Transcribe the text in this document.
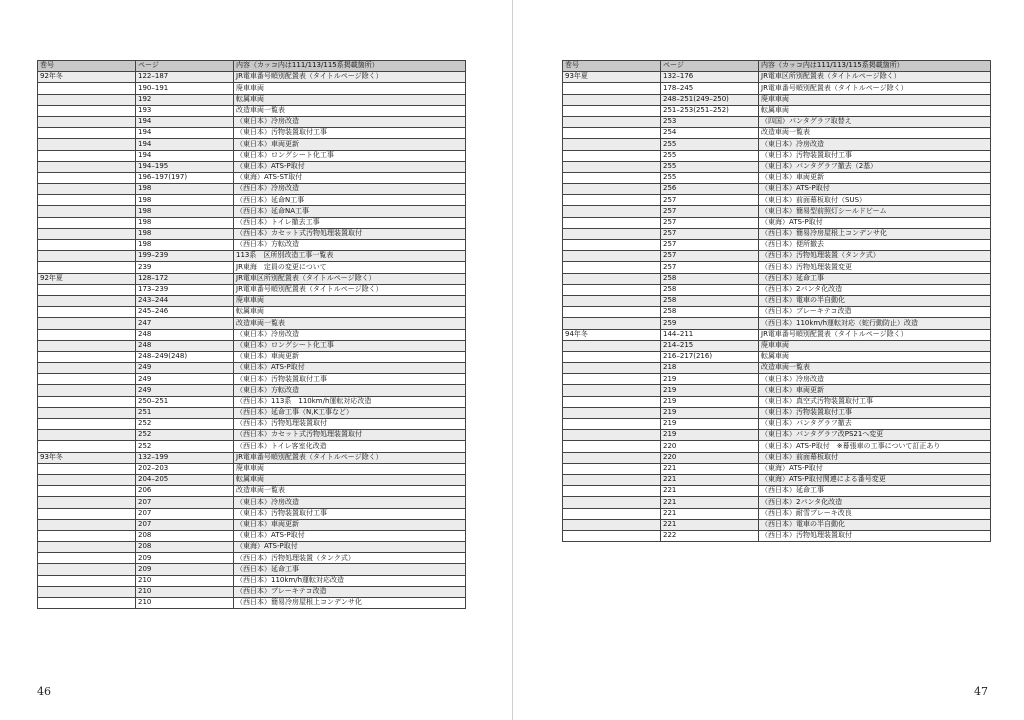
巻号	ページ	内容（カッコ内は111/113/115系掲載箇所）
92年冬	122–187	JR電車番号順別配置表（タイトルページ除く）
	190–191	廃車車両
	192	転属車両
	193	改造車両一覧表
	194	（東日本）冷房改造
	194	（東日本）汚物装置取付工事
	194	（東日本）車両更新
	194	（東日本）ロングシート化工事
	194–195	（東日本）ATS-P取付
	196–197(197)	（東海）ATS-ST取付
	198	（西日本）冷房改造
	198	（西日本）延命N工事
	198	（西日本）延命NA工事
	198	（西日本）トイレ撤去工事
	198	（西日本）カセット式汚物処理装置取付
	198	（西日本）方転改造
	199–239	113系　区所別改造工事一覧表
	239	JR東海　定員の変更について
92年夏	128–172	JR電車区所別配置表（タイトルページ除く）
	173–239	JR電車番号順別配置表（タイトルページ除く）
	243–244	廃車車両
	245–246	転属車両
	247	改造車両一覧表
	248	（東日本）冷房改造
	248	（東日本）ロングシート化工事
	248–249(248)	（東日本）車両更新
	249	（東日本）ATS-P取付
	249	（東日本）汚物装置取付工事
	249	（東日本）方転改造
	250–251	（西日本）113系　110km/h運転対応改造
	251	（西日本）延命工事（N,K工事など）
	252	（西日本）汚物処理装置取付
	252	（西日本）カセット式汚物処理装置取付
	252	（西日本）トイレ客室化改造
93年冬	132–199	JR電車番号順別配置表（タイトルページ除く）
	202–203	廃車車両
	204–205	転属車両
	206	改造車両一覧表
	207	（東日本）冷房改造
	207	（東日本）汚物装置取付工事
	207	（東日本）車両更新
	208	（東日本）ATS-P取付
	208	（東海）ATS-P取付
	209	（西日本）汚物処理装置（タンク式）
	209	（西日本）延命工事
	210	（西日本）110km/h運転対応改造
	210	（西日本）ブレーキテコ改造
	210	（西日本）簡易冷房屋根上コンデンサ化
46
巻号	ページ	内容（カッコ内は111/113/115系掲載箇所）
93年夏	132–176	JR電車区所別配置表（タイトルページ除く）
	178–245	JR電車番号順別配置表（タイトルページ除く）
	248–251(249–250)	廃車車両
	251–253(251–252)	転属車両
	253	（四国）パンタグラフ取替え
	254	改造車両一覧表
	255	（東日本）冷房改造
	255	（東日本）汚物装置取付工事
	255	（東日本）パンタグラフ撤去（2基）
	255	（東日本）車両更新
	256	（東日本）ATS-P取付
	257	（東日本）前面幕板取付（SUS）
	257	（東日本）簡易型前照灯シールドビーム
	257	（東海）ATS-P取付
	257	（西日本）簡易冷房屋根上コンデンサ化
	257	（西日本）便所撤去
	257	（西日本）汚物処理装置（タンク式）
	257	（西日本）汚物処理装置変更
	258	（西日本）延命工事
	258	（西日本）2パンタ化改造
	258	（西日本）電車の半自動化
	258	（西日本）ブレーキテコ改造
	259	（西日本）110km/h運転対応（蛇行動防止）改造
94年冬	144–211	JR電車番号順別配置表（タイトルページ除く）
	214–215	廃車車両
	216–217(216)	転属車両
	218	改造車両一覧表
	219	（東日本）冷房改造
	219	（東日本）車両更新
	219	（東日本）真空式汚物装置取付工事
	219	（東日本）汚物装置取付工事
	219	（東日本）パンタグラフ撤去
	219	（東日本）パンタグラフ改PS21へ変更
	220	（東日本）ATS-P取付　※幕張車の工事について訂正あり
	220	（東日本）前面幕板取付
	221	（東海）ATS-P取付
	221	（東海）ATS-P取付関連による番号変更
	221	（西日本）延命工事
	221	（西日本）2パンタ化改造
	221	（西日本）耐雪ブレーキ改良
	221	（西日本）電車の半自動化
	222	（西日本）汚物処理装置取付
47
